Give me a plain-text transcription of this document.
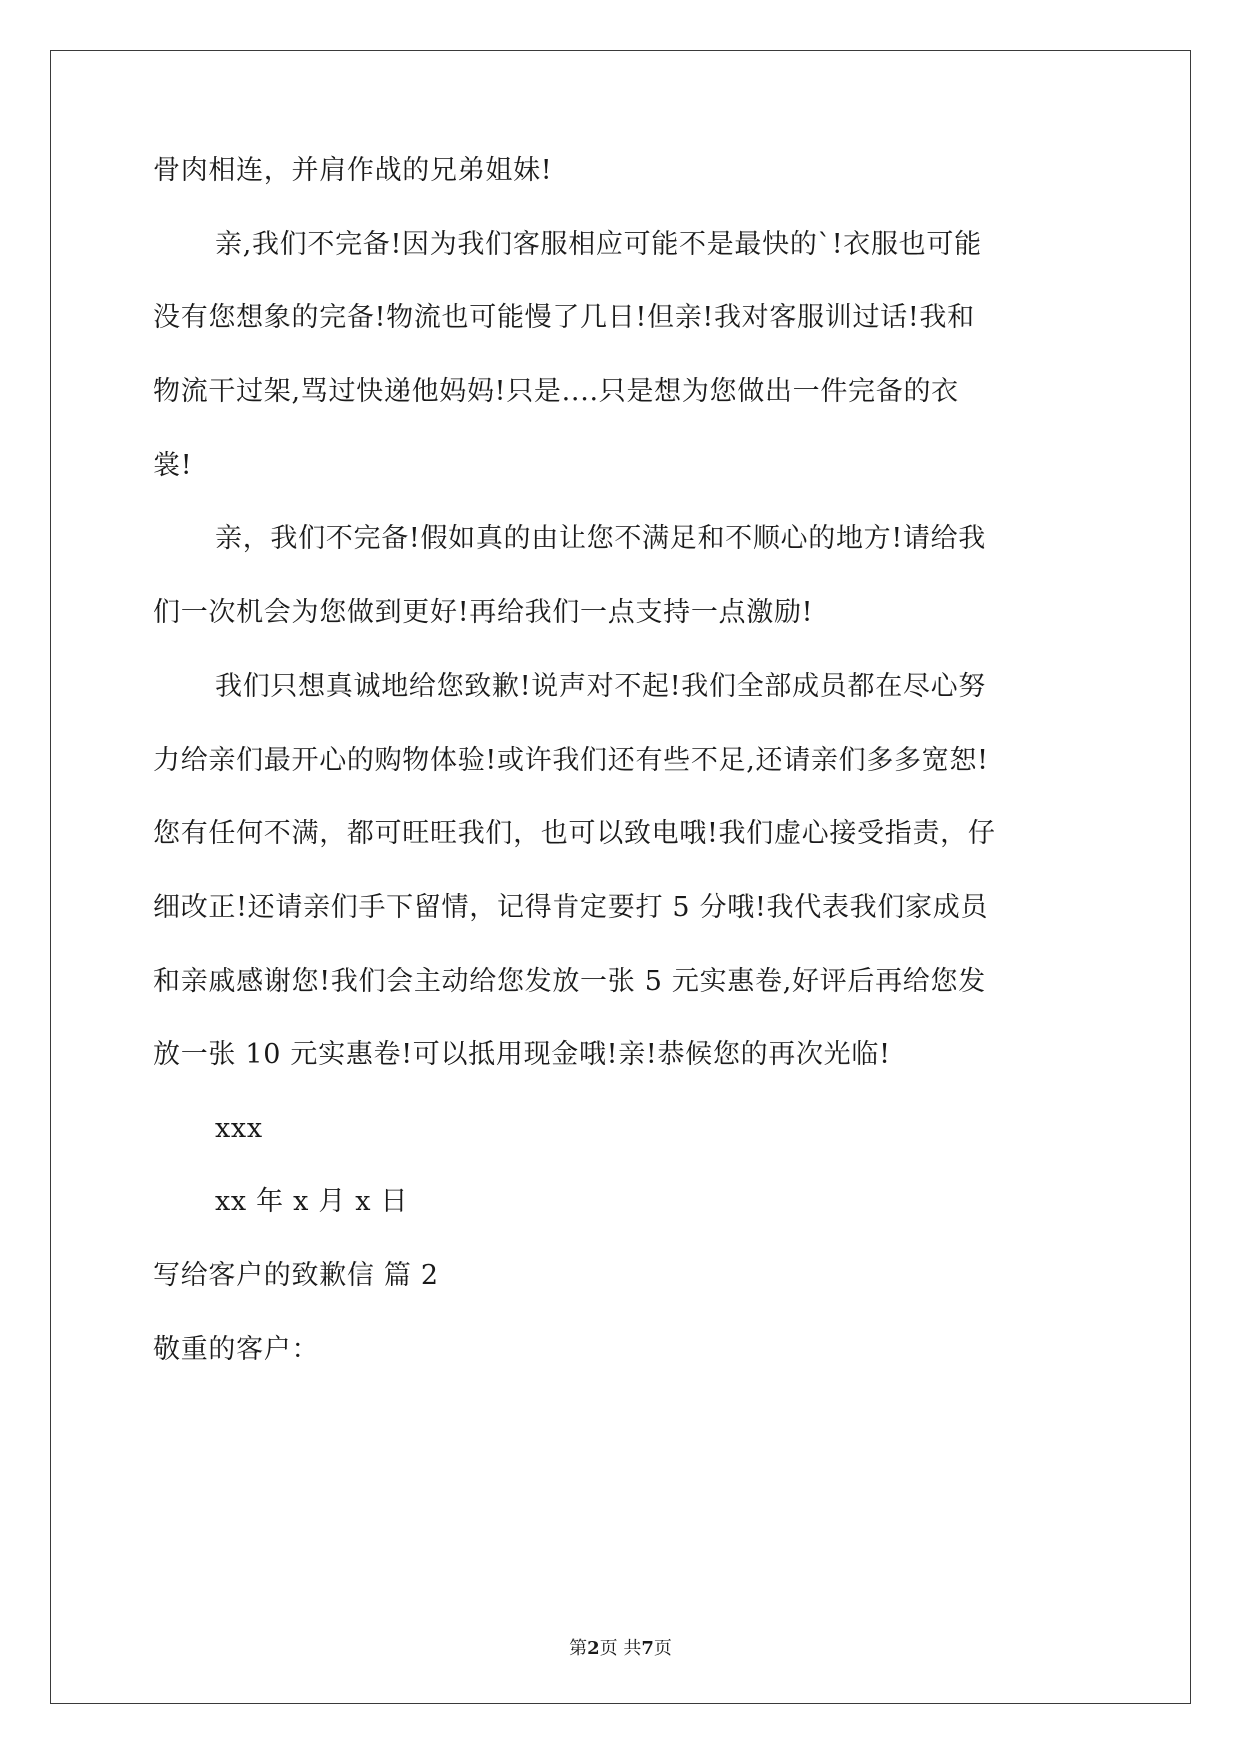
骨肉相连，并肩作战的兄弟姐妹!
亲,我们不完备!因为我们客服相应可能不是最快的`!衣服也可能
没有您想象的完备!物流也可能慢了几日!但亲!我对客服训过话!我和
物流干过架,骂过快递他妈妈!只是....只是想为您做出一件完备的衣
裳!
亲，我们不完备!假如真的由让您不满足和不顺心的地方!请给我
们一次机会为您做到更好!再给我们一点支持一点激励!
我们只想真诚地给您致歉!说声对不起!我们全部成员都在尽心努
力给亲们最开心的购物体验!或许我们还有些不足,还请亲们多多宽恕!
您有任何不满，都可旺旺我们，也可以致电哦!我们虚心接受指责，仔
细改正!还请亲们手下留情，记得肯定要打 5 分哦!我代表我们家成员
和亲戚感谢您!我们会主动给您发放一张 5 元实惠卷,好评后再给您发
放一张 10 元实惠卷!可以抵用现金哦!亲!恭候您的再次光临!
xxx
xx 年 x 月 x 日
写给客户的致歉信 篇 2
敬重的客户：
第2页 共7页
